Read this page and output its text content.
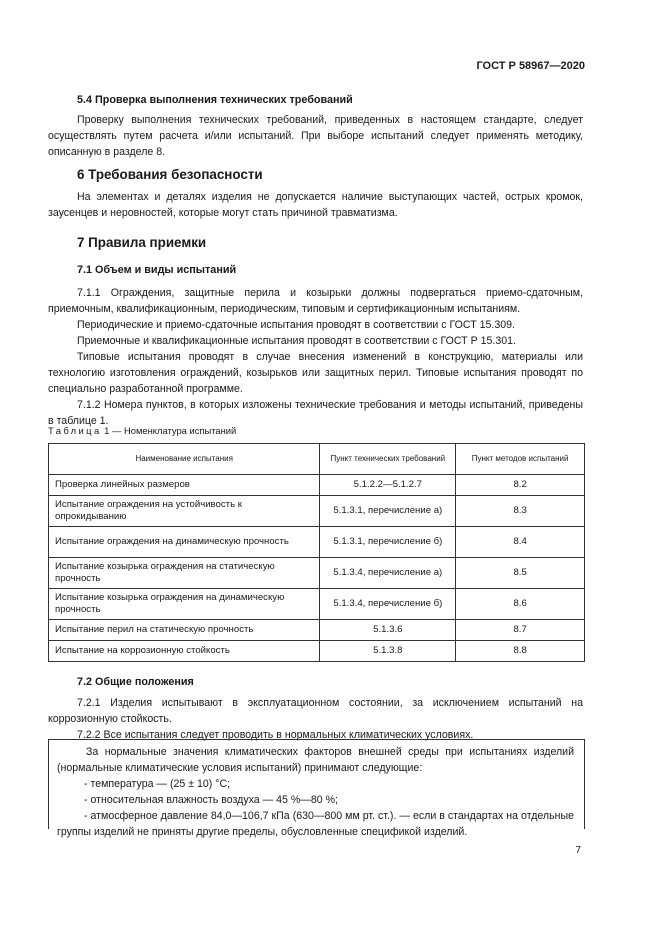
ГОСТ Р 58967—2020
5.4 Проверка выполнения технических требований

Проверку выполнения технических требований, приведенных в настоящем стандарте, следует осуществлять путем расчета и/или испытаний. При выборе испытаний следует применять методику, описанную в разделе 8.

6 Требования безопасности

На элементах и деталях изделия не допускается наличие выступающих частей, острых кромок, заусенцев и неровностей, которые могут стать причиной травматизма.

7 Правила приемки
7.1 Объем и виды испытаний

7.1.1 Ограждения, защитные перила и козырьки должны подвергаться приемо-сдаточным, приемочным, квалификационным, периодическим, типовым и сертификационным испытаниям.

Периодические и приемо-сдаточные испытания проводят в соответствии с ГОСТ 15.309.

Приемочные и квалификационные испытания проводят в соответствии с ГОСТ Р 15.301.

Типовые испытания проводят в случае внесения изменений в конструкцию, материалы или технологию изготовления ограждений, козырьков или защитных перил. Типовые испытания проводят по специально разработанной программе.

7.1.2 Номера пунктов, в которых изложены технические требования и методы испытаний, приведены в таблице 1.

Таблица 1 — Номенклатура испытаний
Наименование испытания	Пункт технических требований	Пункт методов испытаний
Проверка линейных размеров	5.1.2.2—5.1.2.7	8.2
Испытание ограждения на устойчивость к опрокидыванию	5.1.3.1, перечисление а)	8.3
Испытание ограждения на динамическую прочность	5.1.3.1, перечисление б)	8.4
Испытание козырька ограждения на статическую прочность	5.1.3.4, перечисление а)	8.5
Испытание козырька ограждения на динамическую прочность	5.1.3.4, перечисление б)	8.6
Испытание перил на статическую прочность	5.1.3.6	8.7
Испытание на коррозионную стойкость	5.1.3.8	8.8
7.2 Общие положения

7.2.1 Изделия испытывают в эксплуатационном состоянии, за исключением испытаний на коррозионную стойкость.

7.2.2 Все испытания следует проводить в нормальных климатических условиях.

За нормальные значения климатических факторов внешней среды при испытаниях изделий (нормальные климатические условия испытаний) принимают следующие:

- температура — (25 ± 10) °С;

- относительная влажность воздуха — 45 %—80 %;

- атмосферное давление 84,0—106,7 кПа (630—800 мм рт. ст.). — если в стандартах на отдельные группы изделий не приняты другие пределы, обусловленные спецификой изделий.

7
